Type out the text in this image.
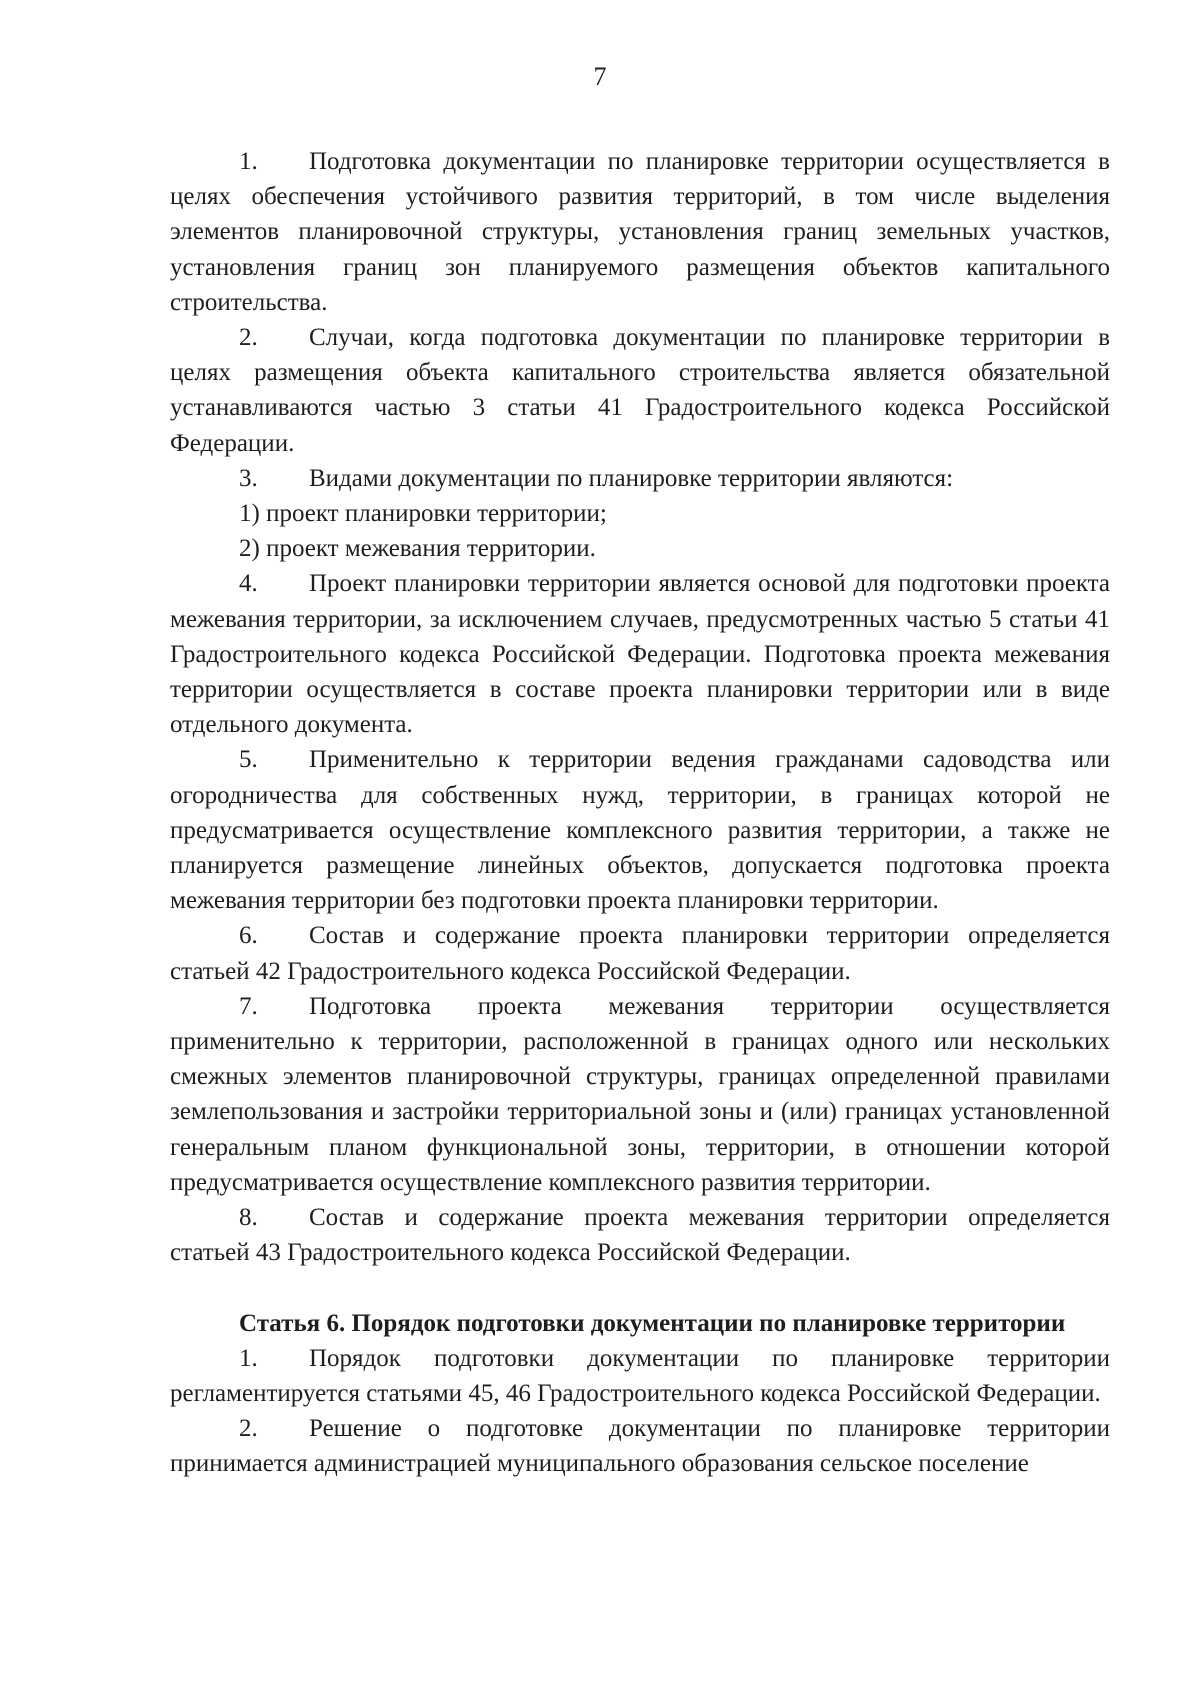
7

1. Подготовка документации по планировке территории осуществляется в целях обеспечения устойчивого развития территорий, в том числе выделения элементов планировочной структуры, установления границ земельных участков, установления границ зон планируемого размещения объектов капитального строительства.

2. Случаи, когда подготовка документации по планировке территории в целях размещения объекта капитального строительства является обязательной устанавливаются частью 3 статьи 41 Градостроительного кодекса Российской Федерации.

3. Видами документации по планировке территории являются:

1) проект планировки территории;

2) проект межевания территории.

4. Проект планировки территории является основой для подготовки проекта межевания территории, за исключением случаев, предусмотренных частью 5 статьи 41 Градостроительного кодекса Российской Федерации. Подготовка проекта межевания территории осуществляется в составе проекта планировки территории или в виде отдельного документа.

5. Применительно к территории ведения гражданами садоводства или огородничества для собственных нужд, территории, в границах которой не предусматривается осуществление комплексного развития территории, а также не планируется размещение линейных объектов, допускается подготовка проекта межевания территории без подготовки проекта планировки территории.

6. Состав и содержание проекта планировки территории определяется статьей 42 Градостроительного кодекса Российской Федерации.

7. Подготовка проекта межевания территории осуществляется применительно к территории, расположенной в границах одного или нескольких смежных элементов планировочной структуры, границах определенной правилами землепользования и застройки территориальной зоны и (или) границах установленной генеральным планом функциональной зоны, территории, в отношении которой предусматривается осуществление комплексного развития территории.

8. Состав и содержание проекта межевания территории определяется статьей 43 Градостроительного кодекса Российской Федерации.

Статья 6. Порядок подготовки документации по планировке территории

1. Порядок подготовки документации по планировке территории регламентируется статьями 45, 46 Градостроительного кодекса Российской Федерации.

2. Решение о подготовке документации по планировке территории принимается администрацией муниципального образования сельское поселение
